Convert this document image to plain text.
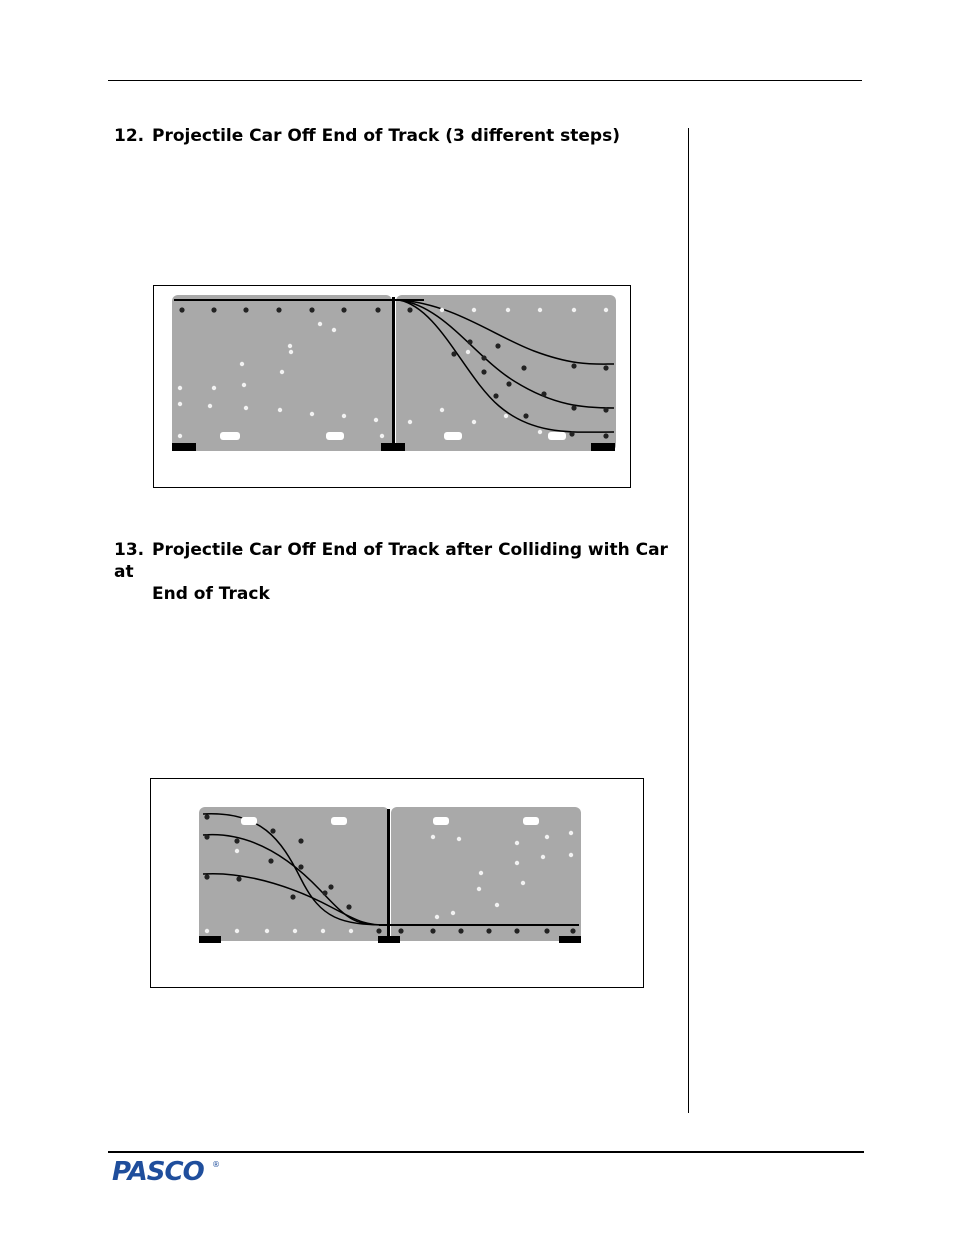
12. Projectile Car Off End of Track (3 different steps)
13. Projectile Car Off End of Track after Colliding with Car at
End of Track
PASCO ®
